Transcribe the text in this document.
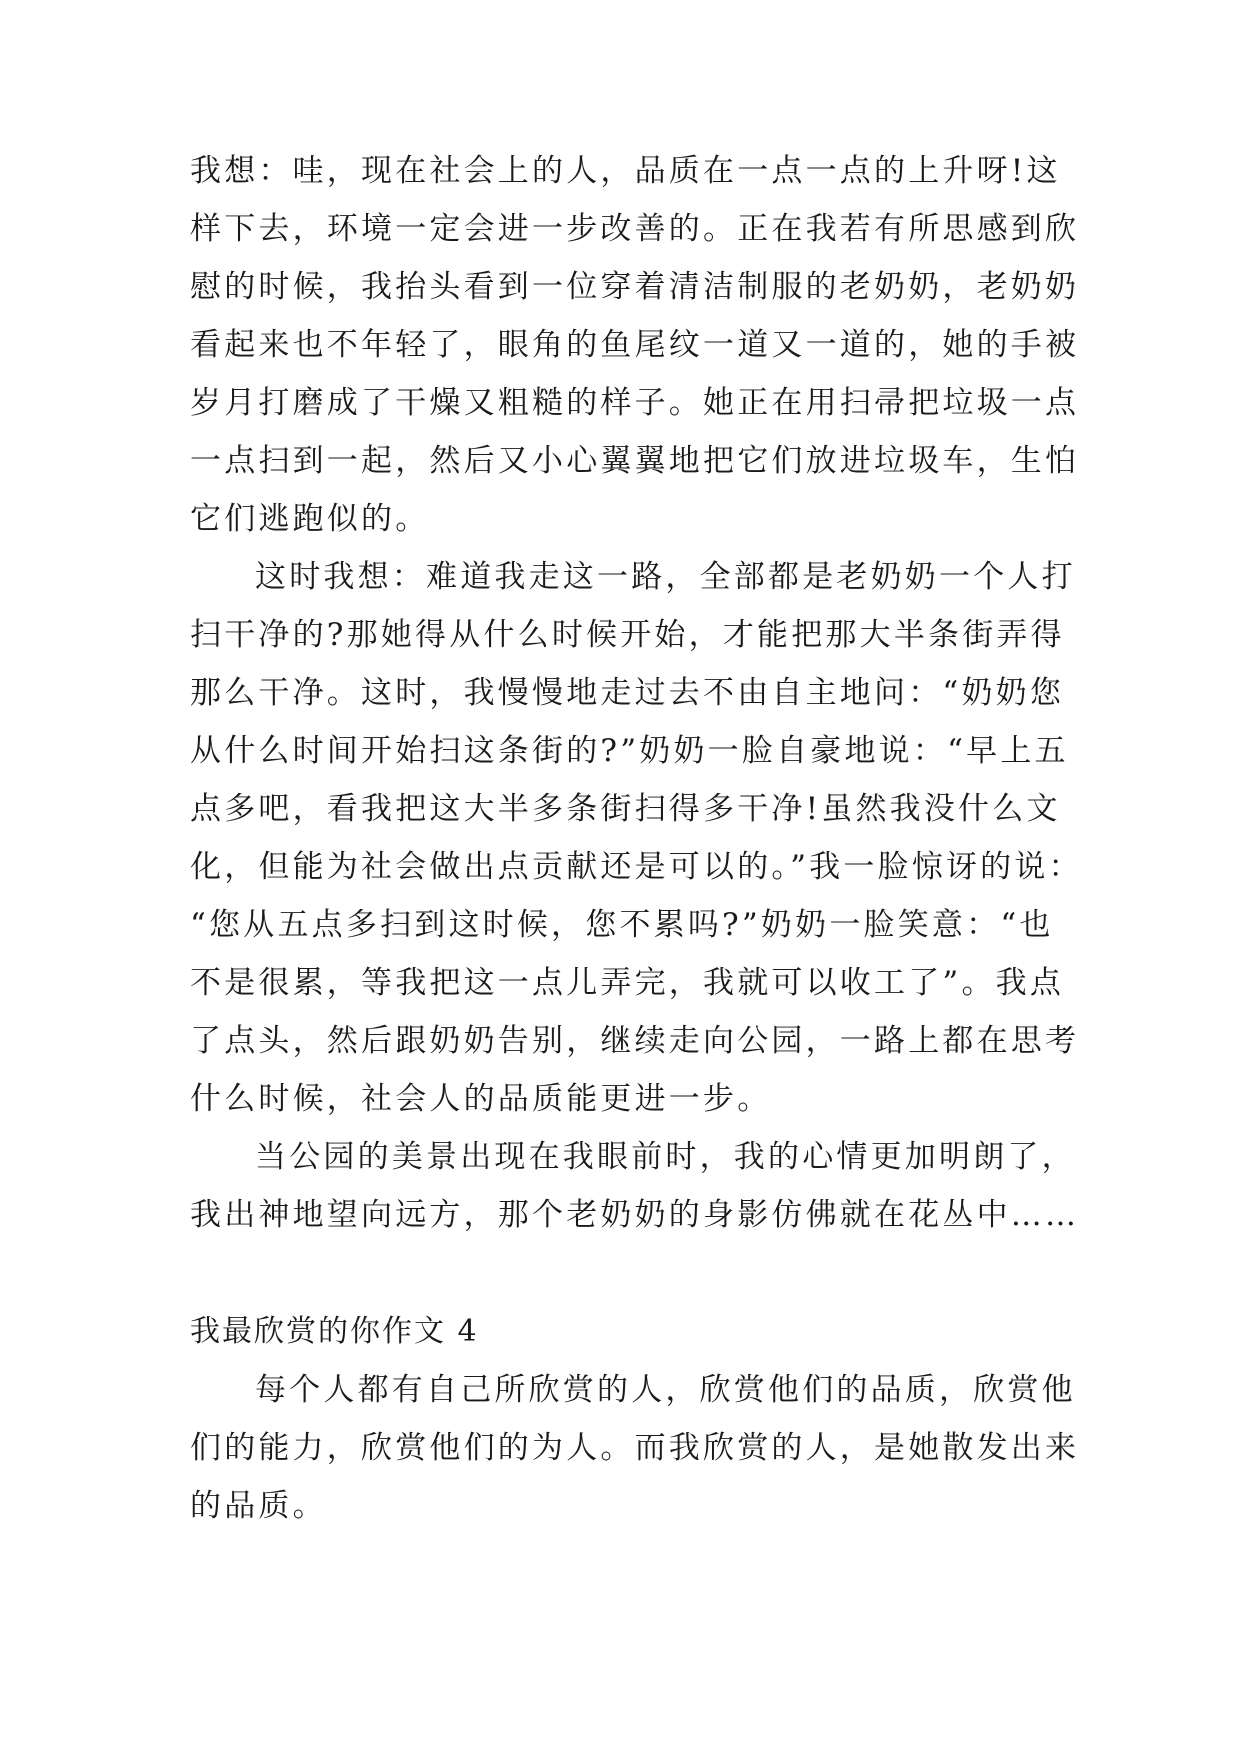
我想：哇，现在社会上的人，品质在一点一点的上升呀!这
样下去，环境一定会进一步改善的。正在我若有所思感到欣
慰的时候，我抬头看到一位穿着清洁制服的老奶奶，老奶奶
看起来也不年轻了，眼角的鱼尾纹一道又一道的，她的手被
岁月打磨成了干燥又粗糙的样子。她正在用扫帚把垃圾一点
一点扫到一起，然后又小心翼翼地把它们放进垃圾车，生怕
它们逃跑似的。
这时我想：难道我走这一路，全部都是老奶奶一个人打
扫干净的?那她得从什么时候开始，才能把那大半条街弄得
那么干净。这时，我慢慢地走过去不由自主地问：“奶奶您
从什么时间开始扫这条街的?”奶奶一脸自豪地说：“早上五
点多吧，看我把这大半多条街扫得多干净!虽然我没什么文
化，但能为社会做出点贡献还是可以的。”我一脸惊讶的说：
“您从五点多扫到这时候，您不累吗?”奶奶一脸笑意：“也
不是很累，等我把这一点儿弄完，我就可以收工了”。我点
了点头，然后跟奶奶告别，继续走向公园，一路上都在思考
什么时候，社会人的品质能更进一步。
当公园的美景出现在我眼前时，我的心情更加明朗了，
我出神地望向远方，那个老奶奶的身影仿佛就在花丛中……
我最欣赏的你作文 4
每个人都有自己所欣赏的人，欣赏他们的品质，欣赏他
们的能力，欣赏他们的为人。而我欣赏的人，是她散发出来
的品质。
